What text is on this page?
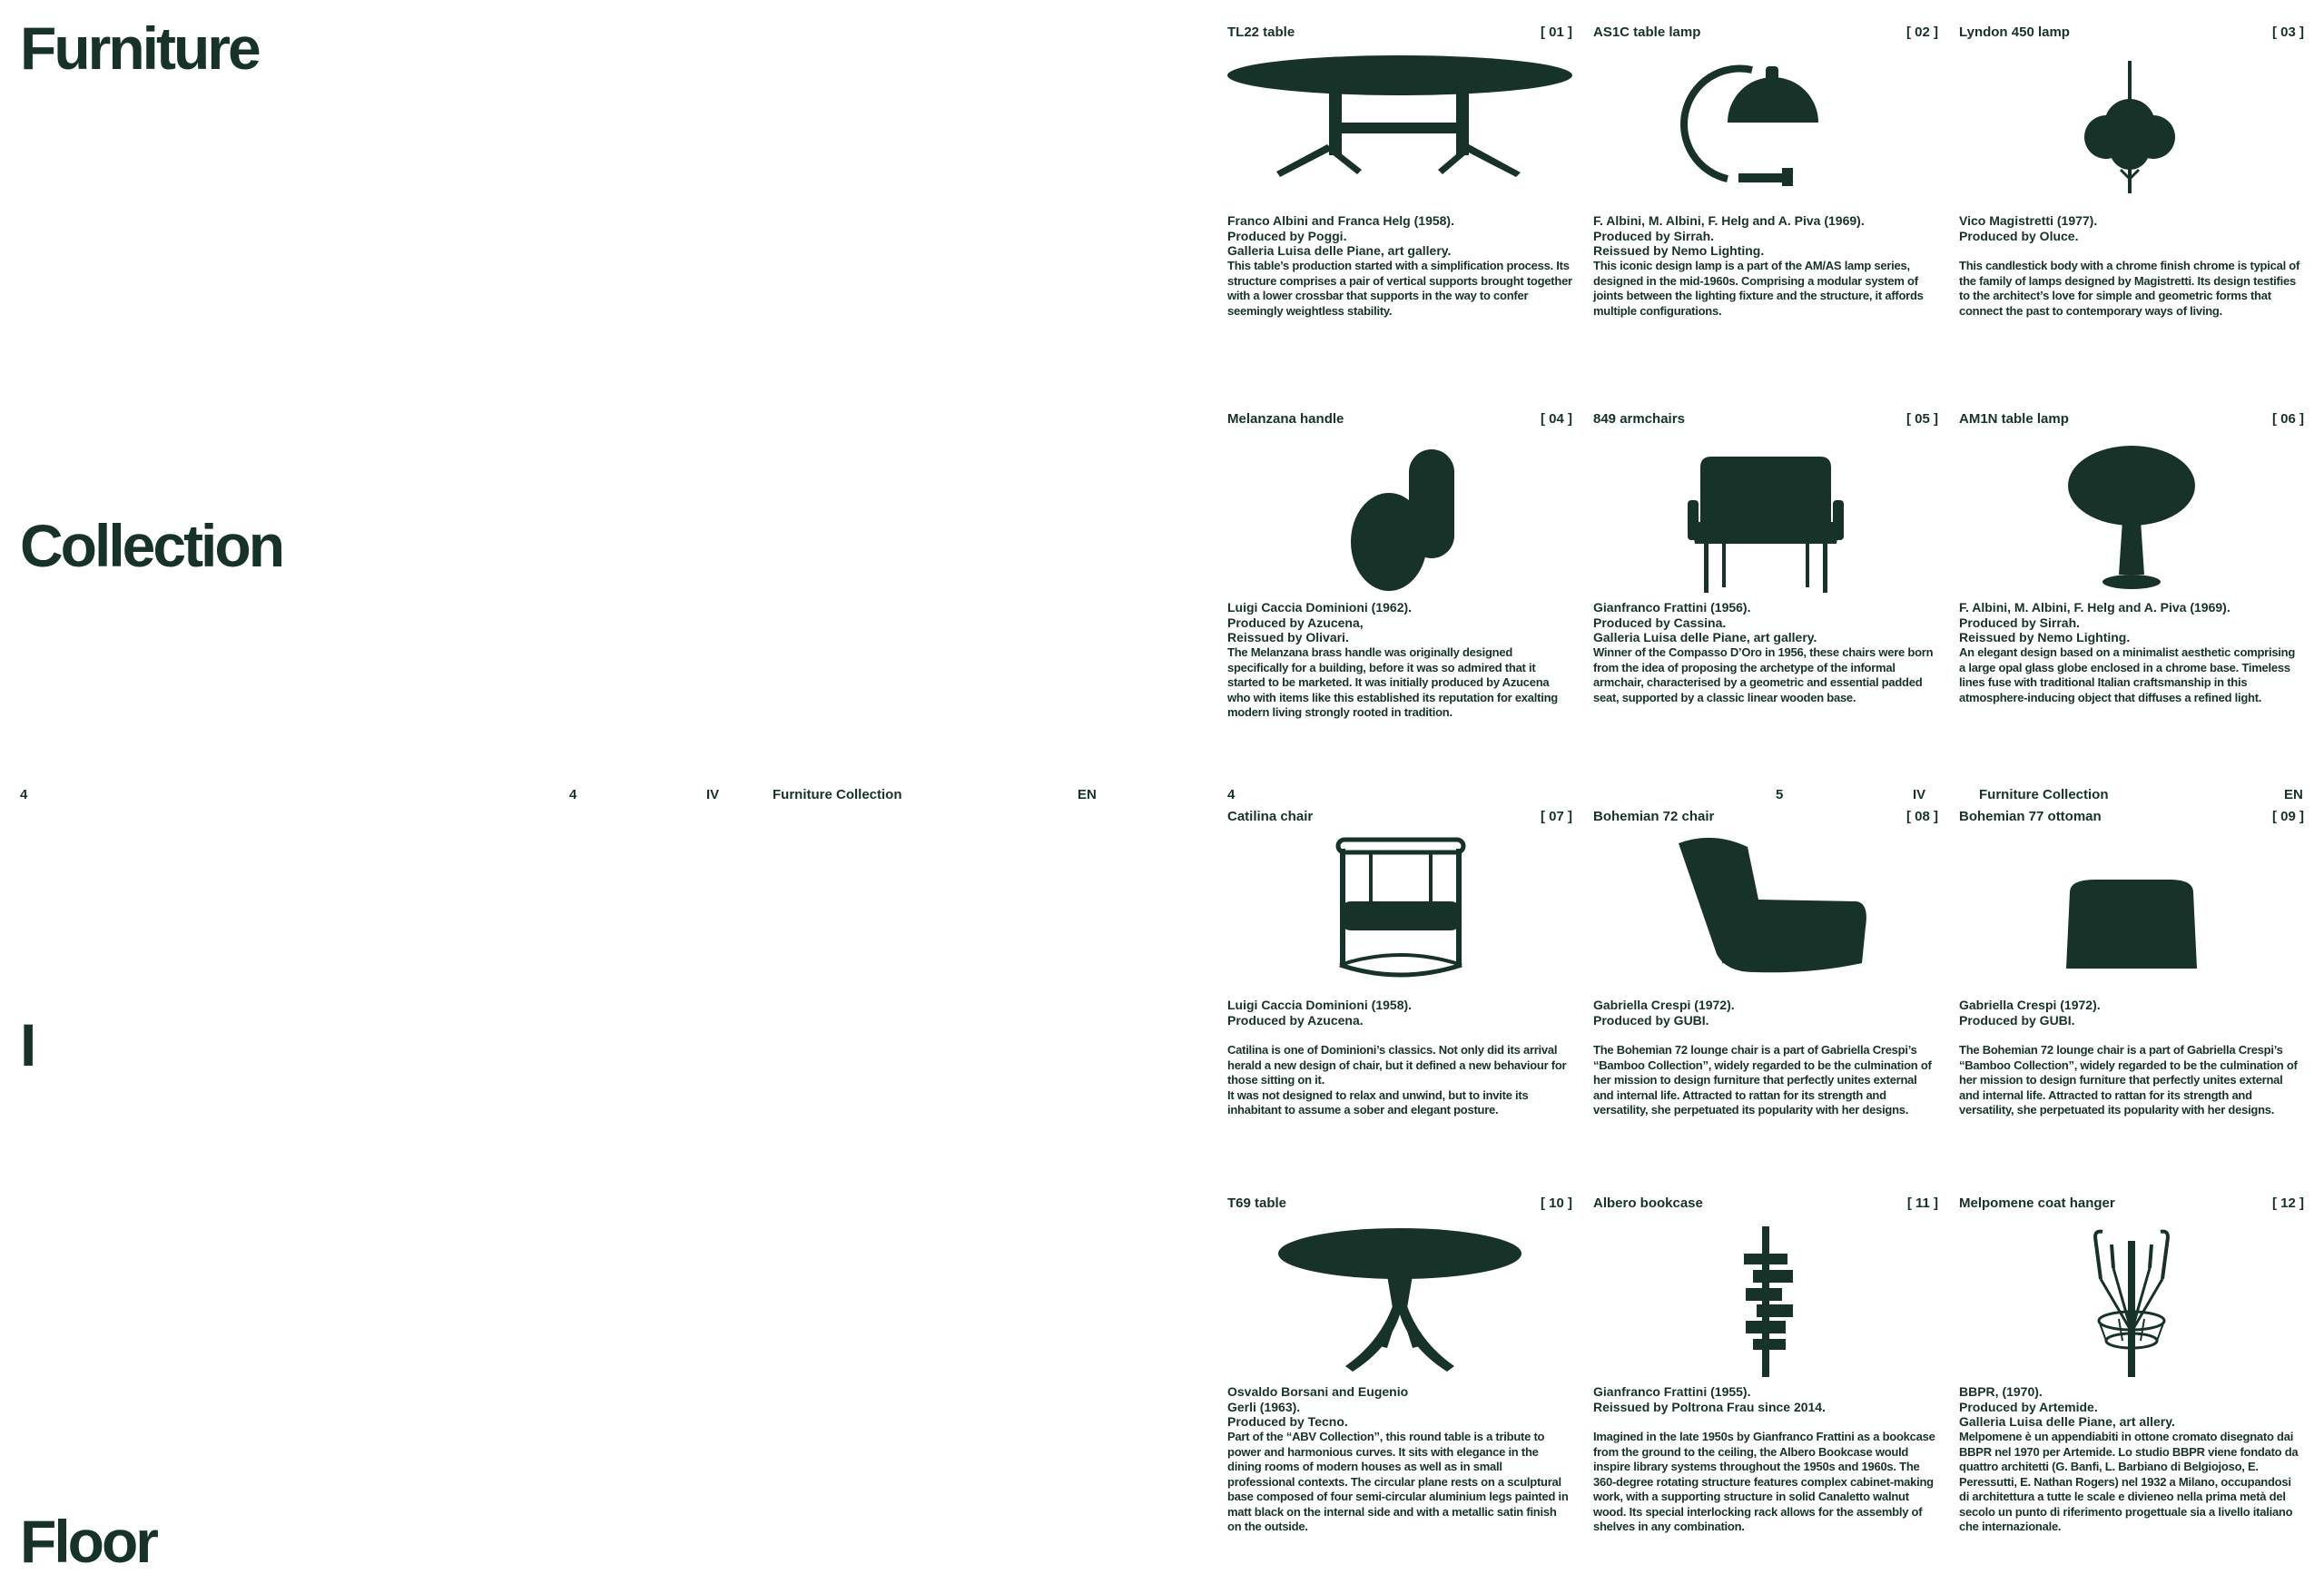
Furniture
Collection
I
Floor
4	4	IV	Furniture Collection	EN	4	5	IV	Furniture Collection	EN
TL22 table	[ 01 ]
Franco Albini and Franca Helg (1958).
Produced by Poggi.
Galleria Luisa delle Piane, art gallery.
This table’s production started with a simplification process. Its structure comprises a pair of vertical supports brought together with a lower crossbar that supports in the way to confer seemingly weightless stability.
AS1C table lamp	[ 02 ]
F. Albini, M. Albini, F. Helg and A. Piva (1969).
Produced by Sirrah.
Reissued by Nemo Lighting.
This iconic design lamp is a part of the AM/AS lamp series, designed in the mid-1960s. Comprising a modular system of joints between the lighting fixture and the structure, it affords multiple configurations.
Lyndon 450 lamp	[ 03 ]
Vico Magistretti (1977).
Produced by Oluce.
This candlestick body with a chrome finish chrome is typical of the family of lamps designed by Magistretti. Its design testifies to the architect’s love for simple and geometric forms that connect the past to contemporary ways of living.
Melanzana handle	[ 04 ]
Luigi Caccia Dominioni (1962).
Produced by Azucena,
Reissued by Olivari.
The Melanzana brass handle was originally designed specifically for a building, before it was so admired that it started to be marketed. It was initially produced by Azucena who with items like this established its reputation for exalting modern living strongly rooted in tradition.
849 armchairs	[ 05 ]
Gianfranco Frattini (1956).
Produced by Cassina.
Galleria Luisa delle Piane, art gallery.
Winner of the Compasso D’Oro in 1956, these chairs were born from the idea of proposing the archetype of the informal armchair, characterised by a geometric and essential padded seat, supported by a classic linear wooden base.
AM1N table lamp	[ 06 ]
F. Albini, M. Albini, F. Helg and A. Piva (1969).
Produced by Sirrah.
Reissued by Nemo Lighting.
An elegant design based on a minimalist aesthetic comprising a large opal glass globe enclosed in a chrome base. Timeless lines fuse with traditional Italian craftsmanship in this atmosphere-inducing object that diffuses a refined light.
Catilina chair	[ 07 ]
Luigi Caccia Dominioni (1958).
Produced by Azucena.
Catilina is one of Dominioni’s classics. Not only did its arrival herald a new design of chair, but it defined a new behaviour for those sitting on it.
It was not designed to relax and unwind, but to invite its inhabitant to assume a sober and elegant posture.
Bohemian 72 chair	[ 08 ]
Gabriella Crespi (1972).
Produced by GUBI.
The Bohemian 72 lounge chair is a part of Gabriella Crespi’s “Bamboo Collection”, widely regarded to be the culmination of her mission to design furniture that perfectly unites external and internal life. Attracted to rattan for its strength and versatility, she perpetuated its popularity with her designs.
Bohemian 77 ottoman	[ 09 ]
Gabriella Crespi (1972).
Produced by GUBI.
The Bohemian 72 lounge chair is a part of Gabriella Crespi’s “Bamboo Collection”, widely regarded to be the culmination of her mission to design furniture that perfectly unites external and internal life. Attracted to rattan for its strength and versatility, she perpetuated its popularity with her designs.
T69 table	[ 10 ]
Osvaldo Borsani and Eugenio
Gerli (1963).
Produced by Tecno.
Part of the “ABV Collection”, this round table is a tribute to power and harmonious curves. It sits with elegance in the dining rooms of modern houses as well as in small professional contexts. The circular plane rests on a sculptural base composed of four semi-circular aluminium legs painted in matt black on the internal side and with a metallic satin finish on the outside.
Albero bookcase	[ 11 ]
Gianfranco Frattini (1955).
Reissued by Poltrona Frau since 2014.
Imagined in the late 1950s by Gianfranco Frattini as a bookcase from the ground to the ceiling, the Albero Bookcase would inspire library systems throughout the 1950s and 1960s. The 360-degree rotating structure features complex cabinet-making work, with a supporting structure in solid Canaletto walnut wood. Its special interlocking rack allows for the assembly of shelves in any combination.
Melpomene coat hanger	[ 12 ]
BBPR, (1970).
Produced by Artemide.
Galleria Luisa delle Piane, art allery.
Melpomene è un appendiabiti in ottone cromato disegnato dai BBPR nel 1970 per Artemide. Lo studio BBPR viene fondato da quattro architetti (G. Banfi, L. Barbiano di Belgiojoso, E. Peressutti, E. Nathan Rogers) nel 1932 a Milano, occupandosi di architettura a tutte le scale e divieneo nella prima metà del secolo un punto di riferimento progettuale sia a livello italiano che internazionale.
